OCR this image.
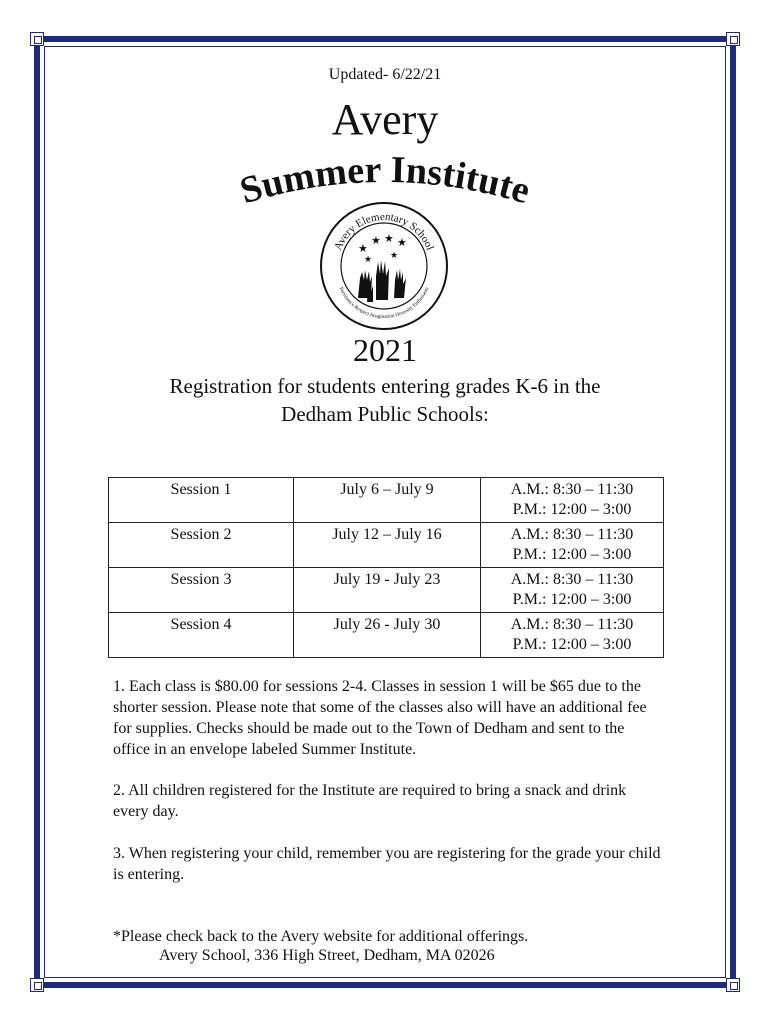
Updated- 6/22/21
Avery
Summer Institute
Avery Elementary School
Persistence Respect Imagination Diversity Enthusiasm
★
★ ★ ★
★ ★
2021
Registration for students entering grades K-6 in the
Dedham Public Schools:
Session 1	July 6 – July 9	A.M.: 8:30 – 11:30
P.M.: 12:00 – 3:00

Session 2	July 12 – July 16	A.M.: 8:30 – 11:30
P.M.: 12:00 – 3:00

Session 3	July 19 - July 23	A.M.: 8:30 – 11:30
P.M.: 12:00 – 3:00

Session 4	July 26 - July 30	A.M.: 8:30 – 11:30
P.M.: 12:00 – 3:00
1. Each class is $80.00 for sessions 2-4. Classes in session 1 will be $65 due to the shorter session. Please note that some of the classes also will have an additional fee for supplies. Checks should be made out to the Town of Dedham and sent to the office in an envelope labeled Summer Institute.
2. All children registered for the Institute are required to bring a snack and drink every day.
3. When registering your child, remember you are registering for the grade your child is entering.
*Please check back to the Avery website for additional offerings.
Avery School, 336 High Street, Dedham, MA 02026
